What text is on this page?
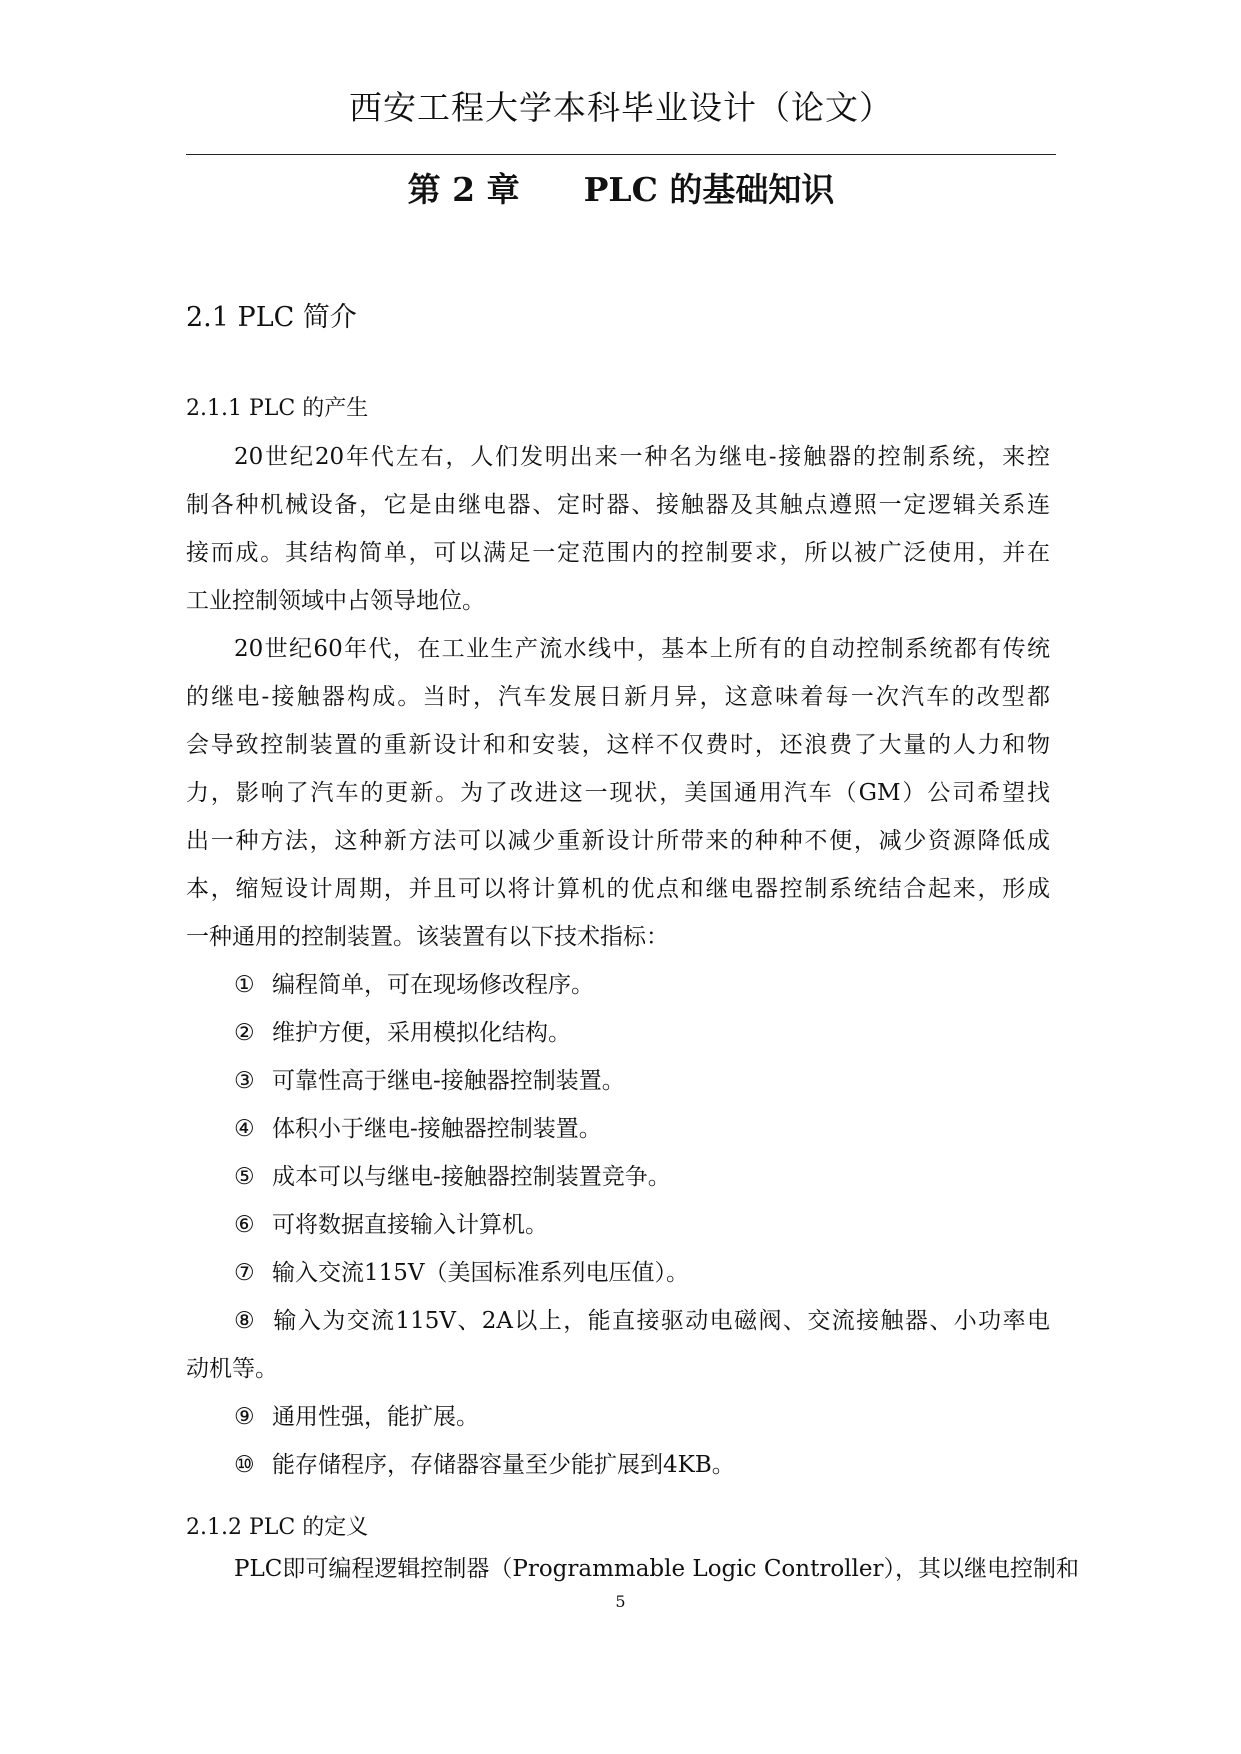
西安工程大学本科毕业设计（论文）
第 2 章 PLC 的基础知识
2.1 PLC 简介
2.1.1 PLC 的产生
20世纪20年代左右，人们发明出来一种名为继电-接触器的控制系统，来控
制各种机械设备，它是由继电器、定时器、接触器及其触点遵照一定逻辑关系连
接而成。其结构简单，可以满足一定范围内的控制要求，所以被广泛使用，并在
工业控制领域中占领导地位。
20世纪60年代，在工业生产流水线中，基本上所有的自动控制系统都有传统
的继电-接触器构成。当时，汽车发展日新月异，这意味着每一次汽车的改型都
会导致控制装置的重新设计和和安装，这样不仅费时，还浪费了大量的人力和物
力，影响了汽车的更新。为了改进这一现状，美国通用汽车（GM）公司希望找
出一种方法，这种新方法可以减少重新设计所带来的种种不便，减少资源降低成
本，缩短设计周期，并且可以将计算机的优点和继电器控制系统结合起来，形成
一种通用的控制装置。该装置有以下技术指标：
① 编程简单，可在现场修改程序。
② 维护方便，采用模拟化结构。
③ 可靠性高于继电-接触器控制装置。
④ 体积小于继电-接触器控制装置。
⑤ 成本可以与继电-接触器控制装置竞争。
⑥ 可将数据直接输入计算机。
⑦ 输入交流115V（美国标准系列电压值）。
⑧ 输入为交流115V、2A以上，能直接驱动电磁阀、交流接触器、小功率电
动机等。
⑨ 通用性强，能扩展。
⑩ 能存储程序，存储器容量至少能扩展到4KB。
2.1.2 PLC 的定义
PLC即可编程逻辑控制器（Programmable Logic Controller），其以继电控制和
5
